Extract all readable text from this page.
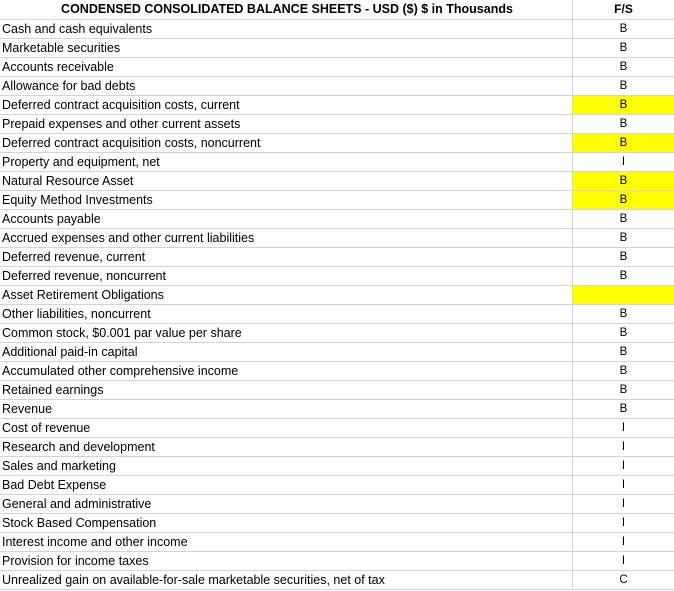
CONDENSED CONSOLIDATED BALANCE SHEETS - USD ($) $ in Thousands	F/S
Cash and cash equivalents	B
Marketable securities	B
Accounts receivable	B
Allowance for bad debts	B
Deferred contract acquisition costs, current	B
Prepaid expenses and other current assets	B
Deferred contract acquisition costs, noncurrent	B
Property and equipment, net	I
Natural Resource Asset	B
Equity Method Investments	B
Accounts payable	B
Accrued expenses and other current liabilities	B
Deferred revenue, current	B
Deferred revenue, noncurrent	B
Asset Retirement Obligations
Other liabilities, noncurrent	B
Common stock, $0.001 par value per share	B
Additional paid-in capital	B
Accumulated other comprehensive income	B
Retained earnings	B
Revenue	B
Cost of revenue	I
Research and development	I
Sales and marketing	I
Bad Debt Expense	I
General and administrative	I
Stock Based Compensation	I
Interest income and other income	I
Provision for income taxes	I
Unrealized gain on available-for-sale marketable securities, net of tax	C
